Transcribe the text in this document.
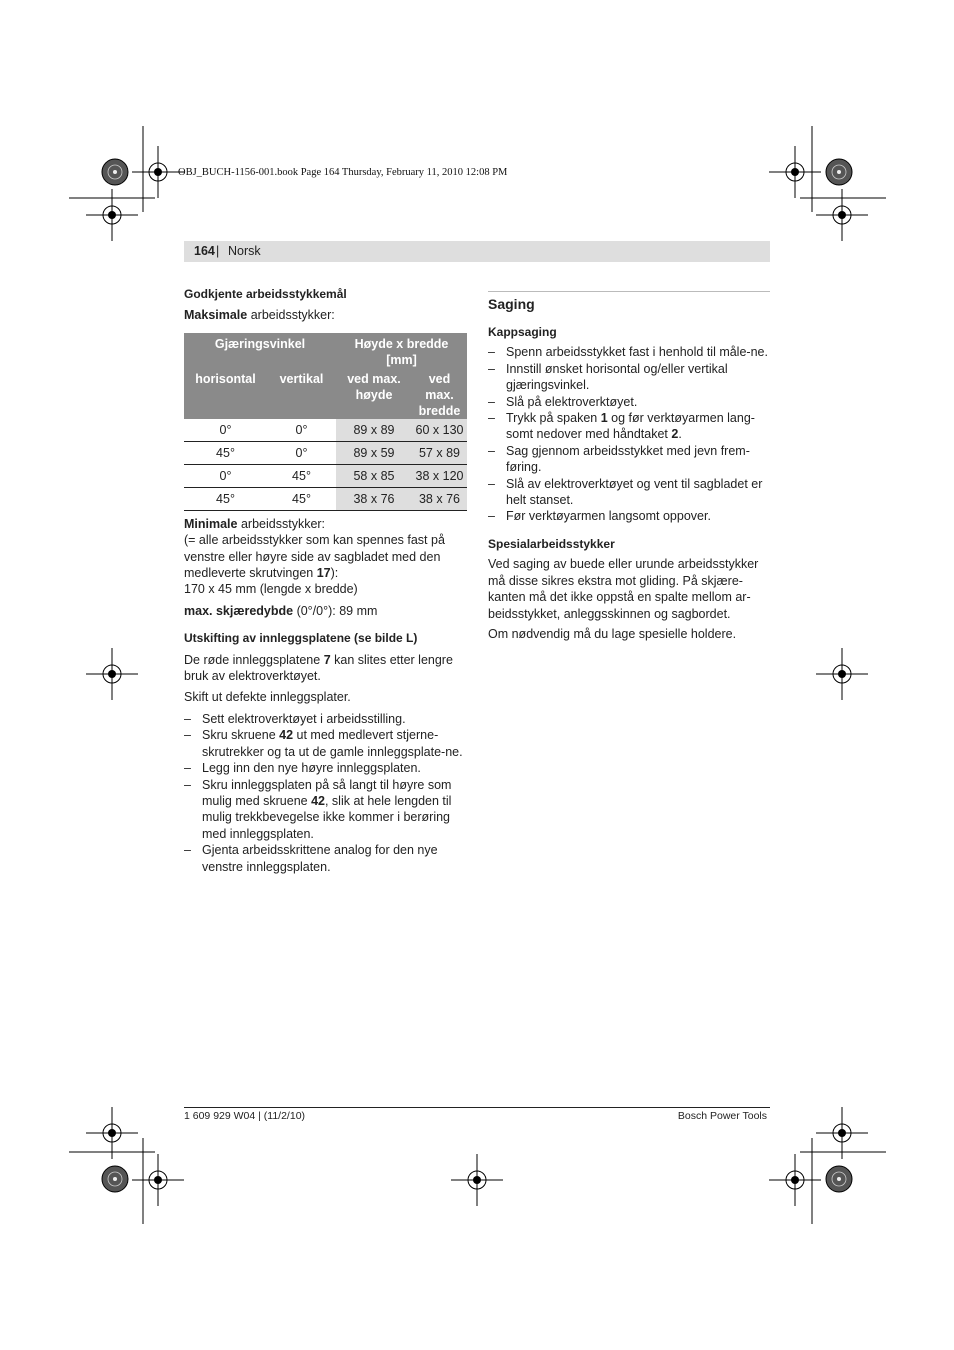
OBJ_BUCH-1156-001.book Page 164 Thursday, February 11, 2010 12:08 PM
164 | Norsk

Godkjente arbeidsstykkemål

Maksimale arbeidsstykker:

Gjæringsvinkel		Høyde x bredde [mm]	
horisontal	vertikal	ved max. høyde	ved max. bredde
0°	0°	89 x 89	60 x 130
45°	0°	89 x 59	57 x 89
0°	45°	58 x 85	38 x 120
45°	45°	38 x 76	38 x 76

Minimale arbeidsstykker:

(= alle arbeidsstykker som kan spennes fast på venstre eller høyre side av sagbladet med den medleverte skrutvingen 17):

170 x 45 mm (lengde x bredde)

max. skjæredybde (0°/0°): 89 mm

Utskifting av innleggsplatene (se bilde L)

De røde innleggsplatene 7 kan slites etter lengre bruk av elektroverktøyet.

Skift ut defekte innleggsplater.

– Sett elektroverktøyet i arbeidsstilling.
– Skru skruene 42 ut med medlevert stjerne-skrutrekker og ta ut de gamle innleggsplate-ne.
– Legg inn den nye høyre innleggsplaten.
– Skru innleggsplaten på så langt til høyre som mulig med skruene 42, slik at hele lengden til mulig trekkbevegelse ikke kommer i berøring med innleggsplaten.
– Gjenta arbeidsskrittene analog for den nye venstre innleggsplaten.

Saging

Kappsaging

– Spenn arbeidsstykket fast i henhold til måle-ne.
– Innstill ønsket horisontal og/eller vertikal gjæringsvinkel.
– Slå på elektroverktøyet.
– Trykk på spaken 1 og før verktøyarmen lang-somt nedover med håndtaket 2.
– Sag gjennom arbeidsstykket med jevn frem-føring.
– Slå av elektroverktøyet og vent til sagbladet er helt stanset.
– Før verktøyarmen langsomt oppover.

Spesialarbeidsstykker

Ved saging av buede eller urunde arbeidsstykker må disse sikres ekstra mot gliding. På skjære-kanten må det ikke oppstå en spalte mellom ar-beidsstykket, anleggsskinnen og sagbordet.

Om nødvendig må du lage spesielle holdere.

1 609 929 W04 | (11/2/10)	Bosch Power Tools
